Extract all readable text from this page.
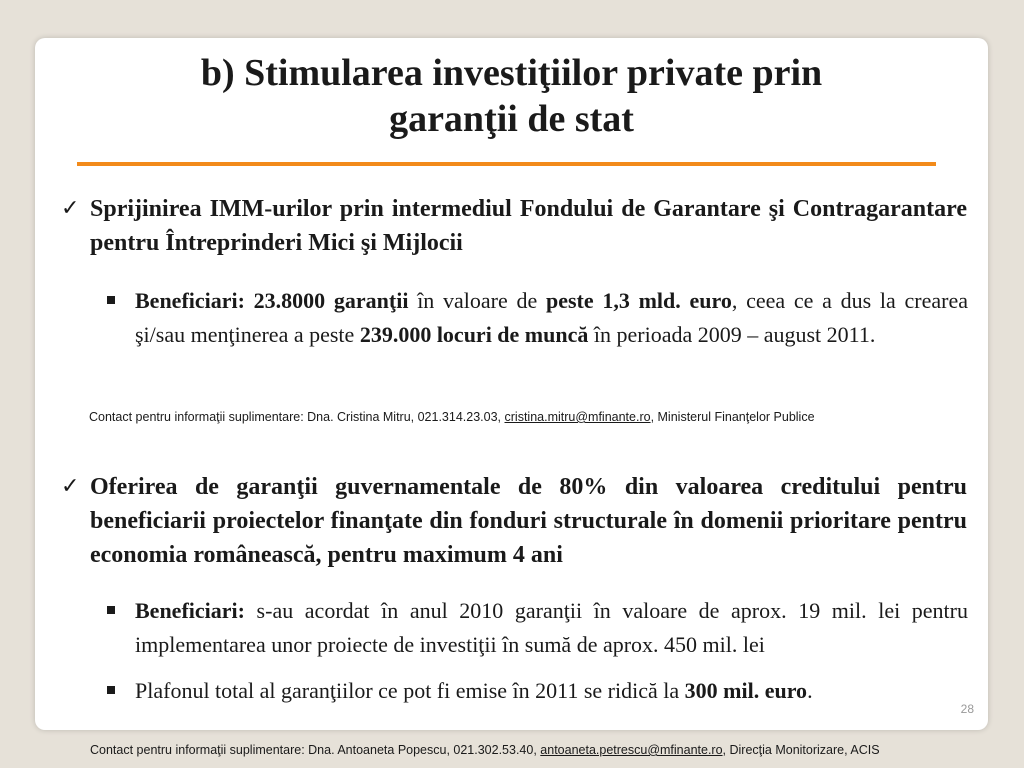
b) Stimularea investiţiilor private prin
garanţii de stat
✓ Sprijinirea IMM-urilor prin intermediul Fondului de Garantare şi Contragarantare pentru Întreprinderi Mici şi Mijlocii

Beneficiari: 23.8000 garanţii în valoare de peste 1,3 mld. euro, ceea ce a dus la crearea şi/sau menţinerea a peste 239.000 locuri de muncă în perioada 2009 – august 2011.

Contact pentru informaţii suplimentare: Dna. Cristina Mitru, 021.314.23.03, cristina.mitru@mfinante.ro, Ministerul Finanţelor Publice
✓ Oferirea de garanţii guvernamentale de 80% din valoarea creditului pentru beneficiarii proiectelor finanţate din fonduri structurale în domenii prioritare pentru economia românească, pentru maximum 4 ani

Beneficiari: s-au acordat în anul 2010 garanţii în valoare de aprox. 19 mil. lei pentru implementarea unor proiecte de investiţii în sumă de aprox. 450 mil. lei

Plafonul total al garanţiilor ce pot fi emise în 2011 se ridică la 300 mil. euro.

28
Contact pentru informaţii suplimentare: Dna. Antoaneta Popescu, 021.302.53.40, antoaneta.petrescu@mfinante.ro, Direcţia Monitorizare, ACIS
